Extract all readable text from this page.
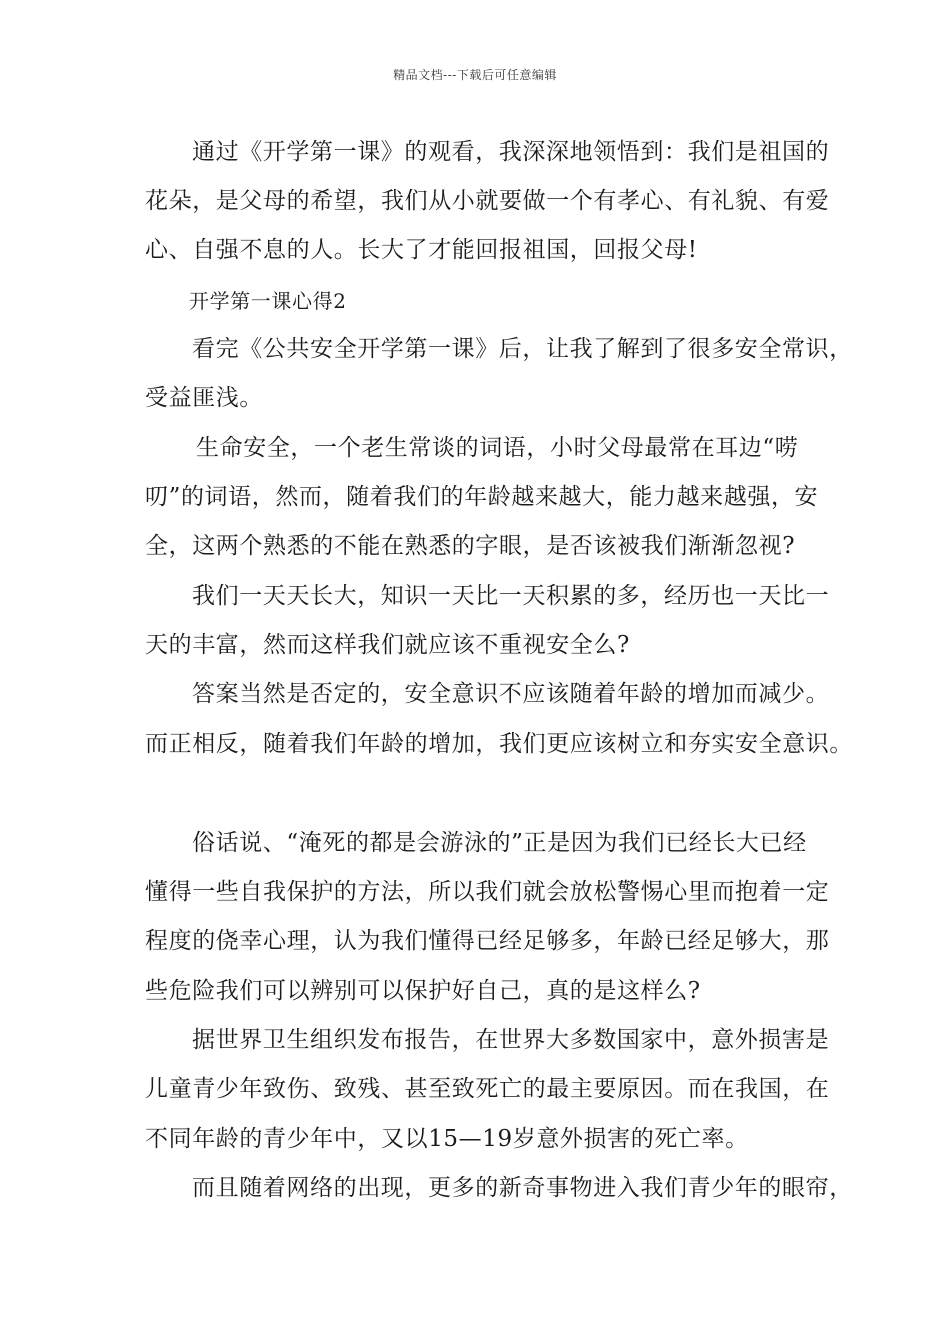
精品文档---下载后可任意编辑
通过《开学第一课》的观看，我深深地领悟到：我们是祖国的
花朵，是父母的希望，我们从小就要做一个有孝心、有礼貌、有爱
心、自强不息的人。长大了才能回报祖国，回报父母!
开学第一课心得2
看完《公共安全开学第一课》后，让我了解到了很多安全常识，
受益匪浅。
生命安全，一个老生常谈的词语，小时父母最常在耳边“唠
叨”的词语，然而，随着我们的年龄越来越大，能力越来越强，安
全，这两个熟悉的不能在熟悉的字眼，是否该被我们渐渐忽视?
我们一天天长大，知识一天比一天积累的多，经历也一天比一
天的丰富，然而这样我们就应该不重视安全么?
答案当然是否定的，安全意识不应该随着年龄的增加而减少。
而正相反，随着我们年龄的增加，我们更应该树立和夯实安全意识。
俗话说、“淹死的都是会游泳的”正是因为我们已经长大已经
懂得一些自我保护的方法，所以我们就会放松警惕心里而抱着一定
程度的侥幸心理，认为我们懂得已经足够多，年龄已经足够大，那
些危险我们可以辨别可以保护好自己，真的是这样么?
据世界卫生组织发布报告，在世界大多数国家中，意外损害是
儿童青少年致伤、致残、甚至致死亡的最主要原因。而在我国，在
不同年龄的青少年中，又以15—19岁意外损害的死亡率。
而且随着网络的出现，更多的新奇事物进入我们青少年的眼帘，
